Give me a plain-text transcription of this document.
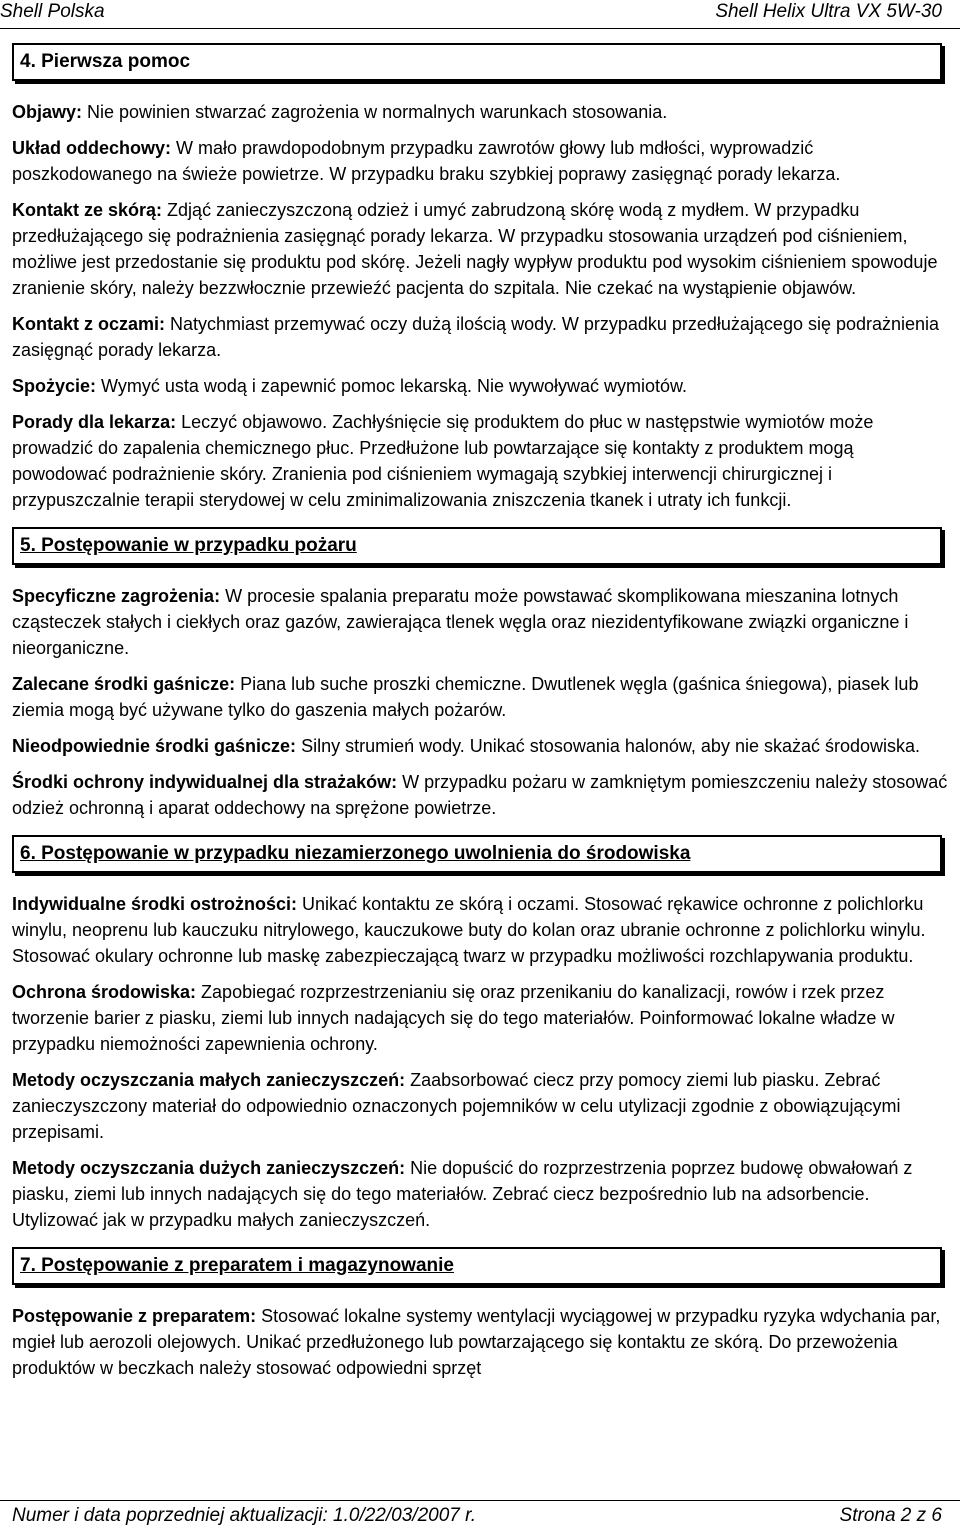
Shell Polska	Shell Helix Ultra VX 5W-30
4. Pierwsza pomoc

Objawy: Nie powinien stwarzać zagrożenia w normalnych warunkach stosowania.

Układ oddechowy: W mało prawdopodobnym przypadku zawrotów głowy lub mdłości, wyprowadzić poszkodowanego na świeże powietrze. W przypadku braku szybkiej poprawy zasięgnąć porady lekarza.

Kontakt ze skórą: Zdjąć zanieczyszczoną odzież i umyć zabrudzoną skórę wodą z mydłem. W przypadku przedłużającego się podrażnienia zasięgnąć porady lekarza. W przypadku stosowania urządzeń pod ciśnieniem, możliwe jest przedostanie się produktu pod skórę. Jeżeli nagły wypływ produktu pod wysokim ciśnieniem spowoduje zranienie skóry, należy bezzwłocznie przewieźć pacjenta do szpitala. Nie czekać na wystąpienie objawów.

Kontakt z oczami: Natychmiast przemywać oczy dużą ilością wody. W przypadku przedłużającego się podrażnienia zasięgnąć porady lekarza.

Spożycie: Wymyć usta wodą i zapewnić pomoc lekarską. Nie wywoływać wymiotów.

Porady dla lekarza: Leczyć objawowo. Zachłyśnięcie się produktem do płuc w następstwie wymiotów może prowadzić do zapalenia chemicznego płuc. Przedłużone lub powtarzające się kontakty z produktem mogą powodować podrażnienie skóry. Zranienia pod ciśnieniem wymagają szybkiej interwencji chirurgicznej i przypuszczalnie terapii sterydowej w celu zminimalizowania zniszczenia tkanek i utraty ich funkcji.

5. Postępowanie w przypadku pożaru

Specyficzne zagrożenia: W procesie spalania preparatu może powstawać skomplikowana mieszanina lotnych cząsteczek stałych i ciekłych oraz gazów, zawierająca tlenek węgla oraz niezidentyfikowane związki organiczne i nieorganiczne.

Zalecane środki gaśnicze: Piana lub suche proszki chemiczne. Dwutlenek węgla (gaśnica śniegowa), piasek lub ziemia mogą być używane tylko do gaszenia małych pożarów.

Nieodpowiednie środki gaśnicze: Silny strumień wody. Unikać stosowania halonów, aby nie skażać środowiska.

Środki ochrony indywidualnej dla strażaków: W przypadku pożaru w zamkniętym pomieszczeniu należy stosować odzież ochronną i aparat oddechowy na sprężone powietrze.

6. Postępowanie w przypadku niezamierzonego uwolnienia do środowiska

Indywidualne środki ostrożności: Unikać kontaktu ze skórą i oczami. Stosować rękawice ochronne z polichlorku winylu, neoprenu lub kauczuku nitrylowego, kauczukowe buty do kolan oraz ubranie ochronne z polichlorku winylu. Stosować okulary ochronne lub maskę zabezpieczającą twarz w przypadku możliwości rozchlapywania produktu.

Ochrona środowiska: Zapobiegać rozprzestrzenianiu się oraz przenikaniu do kanalizacji, rowów i rzek przez tworzenie barier z piasku, ziemi lub innych nadających się do tego materiałów. Poinformować lokalne władze w przypadku niemożności zapewnienia ochrony.

Metody oczyszczania małych zanieczyszczeń: Zaabsorbować ciecz przy pomocy ziemi lub piasku. Zebrać zanieczyszczony materiał do odpowiednio oznaczonych pojemników w celu utylizacji zgodnie z obowiązującymi przepisami.

Metody oczyszczania dużych zanieczyszczeń: Nie dopuścić do rozprzestrzenia poprzez budowę obwałowań z piasku, ziemi lub innych nadających się do tego materiałów. Zebrać ciecz bezpośrednio lub na adsorbencie. Utylizować jak w przypadku małych zanieczyszczeń.

7. Postępowanie z preparatem i magazynowanie

Postępowanie z preparatem: Stosować lokalne systemy wentylacji wyciągowej w przypadku ryzyka wdychania par, mgieł lub aerozoli olejowych. Unikać przedłużonego lub powtarzającego się kontaktu ze skórą. Do przewożenia produktów w beczkach należy stosować odpowiedni sprzęt

Numer i data poprzedniej aktualizacji: 1.0/22/03/2007 r.	Strona 2 z 6
